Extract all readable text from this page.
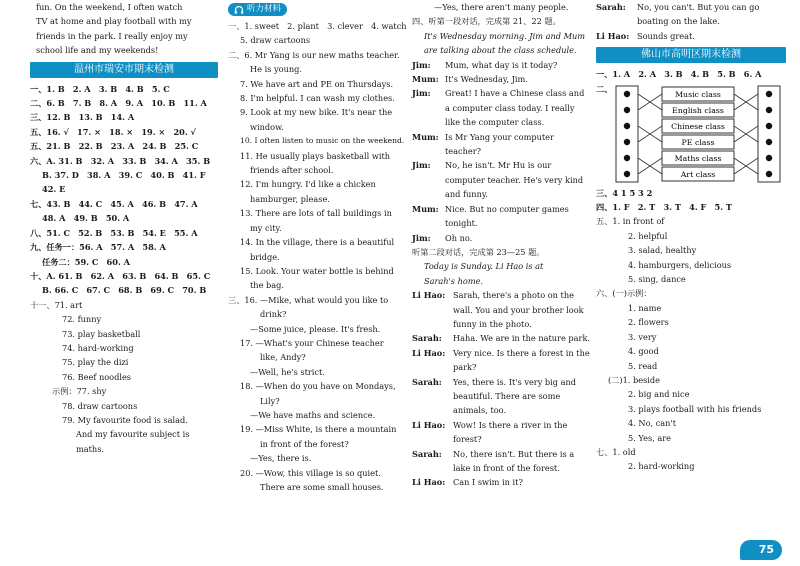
fun. On the weekend, I often watch
TV at home and play football with my
friends in the park. I really enjoy my
school life and my weekends!
温州市瑞安市期末检测
一、1. B　2. A　3. B　4. B　5. C
二、6. B　7. B　8. A　9. A　10. B　11. A
三、12. B　13. B　14. A
五、16. √　17. ×　18. ×　19. ×　20. √
五、21. B　22. B　23. A　24. B　25. C
六、A. 31. B　32. A　33. B　34. A　35. B
B. 37. D　38. A　39. C　40. B　41. F
42. E
七、43. B　44. C　45. A　46. B　47. A
48. A　49. B　50. A
八、51. C　52. B　53. B　54. E　55. A
九、任务一：56. A　57. A　58. A
任务二：59. C　60. A
十、A. 61. B　62. A　63. B　64. B　65. C
B. 66. C　67. C　68. B　69. C　70. B
十一、71. art
72. funny
73. play basketball
74. hard-working
75. play the dizi
76. Beef noodles
示例：77. shy
78. draw cartoons
79. My favourite food is salad.
And my favourite subject is
maths.
听力材料
一、1. sweet　2. plant　3. clever　4. watch
5. draw cartoons
二、6. Mr Yang is our new maths teacher.
He is young.
7. We have art and PE on Thursdays.
8. I'm helpful. I can wash my clothes.
9. Look at my new bike. It's near the
window.
10. I often listen to music on the weekend.
11. He usually plays basketball with
friends after school.
12. I'm hungry. I'd like a chicken
hamburger, please.
13. There are lots of tall buildings in
my city.
14. In the village, there is a beautiful
bridge.
15. Look. Your water bottle is behind
the bag.
三、16. —Mike, what would you like to
drink?
—Some juice, please. It's fresh.
17. —What's your Chinese teacher
like, Andy?
—Well, he's strict.
18. —When do you have on Mondays,
Lily?
—We have maths and science.
19. —Miss White, is there a mountain
in front of the forest?
—Yes, there is.
20. —Wow, this village is so quiet.
There are some small houses.
—Yes, there aren't many people.
四、听第一段对话，完成第 21、22 题。
It's Wednesday morning. Jim and Mum
are talking about the class schedule.
Jim:	Mum, what day is it today?
Mum: It's Wednesday, Jim.
Jim:	Great! I have a Chinese class and a computer class today. I really like the computer class.
Mum: Is Mr Yang your computer teacher?
Jim:	No, he isn't. Mr Hu is our computer teacher. He's very kind and funny.
Mum: Nice. But no computer games tonight.
Jim:	Oh no.
听第二段对话，完成第 23—25 题。
Today is Sunday. Li Hao is at
Sarah's home.
Li Hao: Sarah, there's a photo on the wall. You and your brother look funny in the photo.
Sarah:	Haha. We are in the nature park.
Li Hao: Very nice. Is there a forest in the park?
Sarah:	Yes, there is. It's very big and beautiful. There are some animals, too.
Li Hao: Wow! Is there a river in the forest?
Sarah:	No, there isn't. But there is a lake in front of the forest.
Li Hao: Can I swim in it?
Sarah:	No, you can't. But you can go boating on the lake.
Li Hao: Sounds great.
佛山市高明区期末检测
一、1. A　2. A　3. B　4. B　5. B　6. A
二、
Music class
English class
Chinese class
PE class
Maths class
Art class
三、4 1 5 3 2
四、1. F　2. T　3. T　4. F　5. T
五、1. in front of
2. helpful
3. salad, healthy
4. hamburgers, delicious
5. sing, dance
六、(一)示例：
1. name
2. flowers
3. very
4. good
5. read
(二)1. beside
2. big and nice
3. plays football with his friends
4. No, can't
5. Yes, are
七、1. old
2. hard-working
75
